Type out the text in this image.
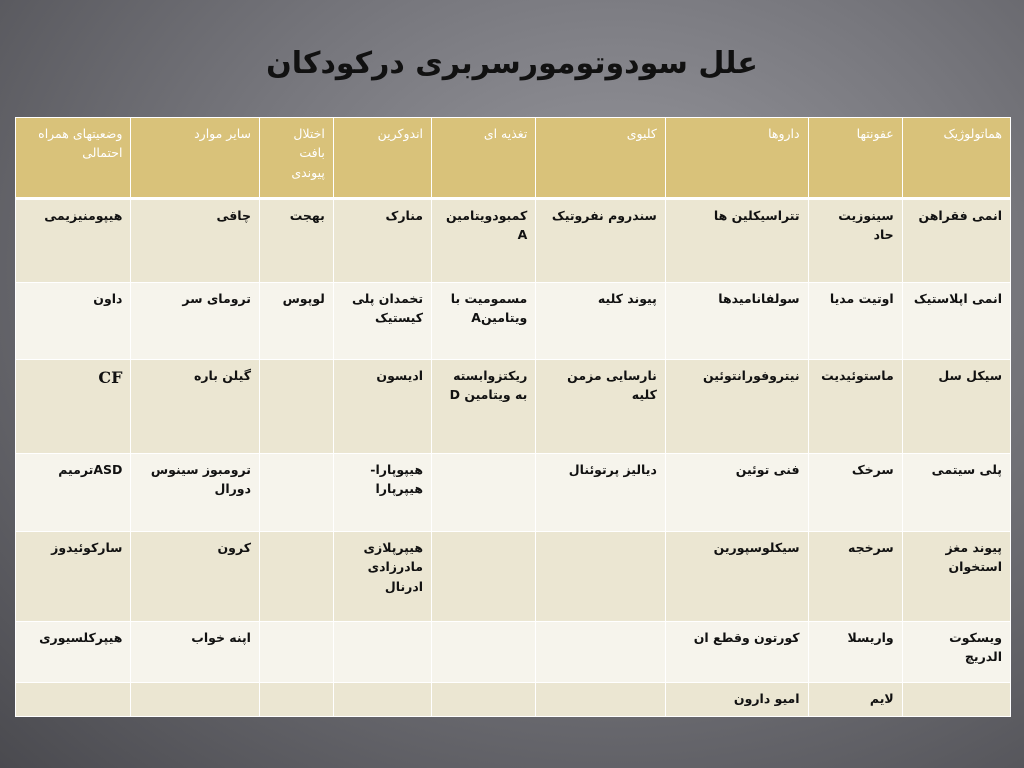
علل سودوتومورسربری درکودکان
هماتولوژیک	عفونتها	داروها	کلیوی	تغذیه ای	اندوکرین	اختلال بافت پیوندی	سایر موارد	وضعیتهای همراه احتمالی
انمی فقراهن	سینوزیت حاد	تتراسیکلین ها	سندروم نفروتیک	کمبودویتامین A	منارک	بهجت	چاقی	هیپومنیزیمی
انمی اپلاستیک	اوتیت مدیا	سولفانامیدها	پیوند کلیه	مسمومیت با ویتامینA	تخمدان پلی کیستیک	لوپوس	ترومای سر	داون
سیکل سل	ماستوئیدیت	نیتروفورانتوئین	نارسایی مزمن کلیه	ریکتزوابسته به ویتامین D	ادیسون		گیلن باره	CF
پلی سیتمی	سرخک	فنی توئین	دیالیز پرتوئنال		هیپوپارا- هیپرپارا		ترومبوز سینوس دورال	ASDترمیم
پیوند مغز استخوان	سرخجه	سیکلوسپورین			هیپرپلازی مادرزادی ادرنال		کرون	سارکوئیدوز
ویسکوت الدریچ	واریسلا	کورتون وقطع ان					اپنه خواب	هیپرکلسیوری
	لایم	امیو دارون						
